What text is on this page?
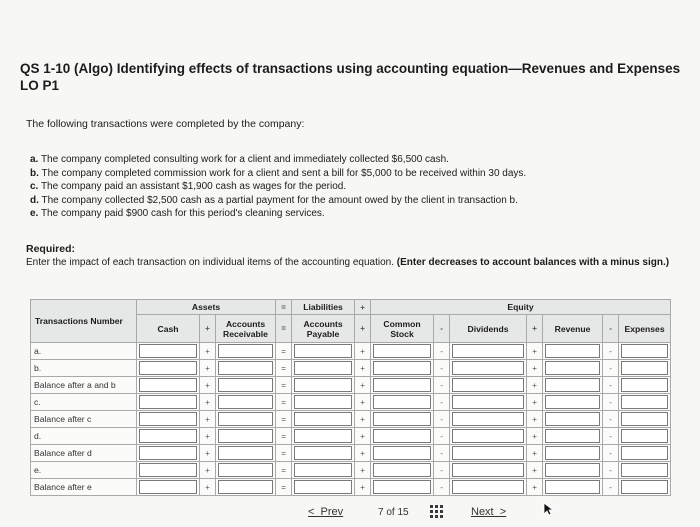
QS 1-10 (Algo) Identifying effects of transactions using accounting equation—Revenues and Expenses LO P1
The following transactions were completed by the company:
a. The company completed consulting work for a client and immediately collected $6,500 cash.
b. The company completed commission work for a client and sent a bill for $5,000 to be received within 30 days.
c. The company paid an assistant $1,900 cash as wages for the period.
d. The company collected $2,500 cash as a partial payment for the amount owed by the client in transaction b.
e. The company paid $900 cash for this period's cleaning services.
Required:
Enter the impact of each transaction on individual items of the accounting equation. (Enter decreases to account balances with a minus sign.)
Transactions Number	Assets			=	Liabilities	+	Equity						
	Cash	+	Accounts
Receivable	=	Accounts
Payable	+	Common
Stock	-	Dividends	+	Revenue	-	Expenses
a.		+		=		+		-		+		-	

b.		+		=		+		-		+		-	

Balance after a and b		+		=		+		-		+		-	

c.		+		=		+		-		+		-	

Balance after c		+		=		+		-		+		-	

d.		+		=		+		-		+		-	

Balance after d		+		=		+		-		+		-	

e.		+		=		+		-		+		-	

Balance after e		+		=		+		-		+		-	
<  Prev	7 of 15	Next  >
